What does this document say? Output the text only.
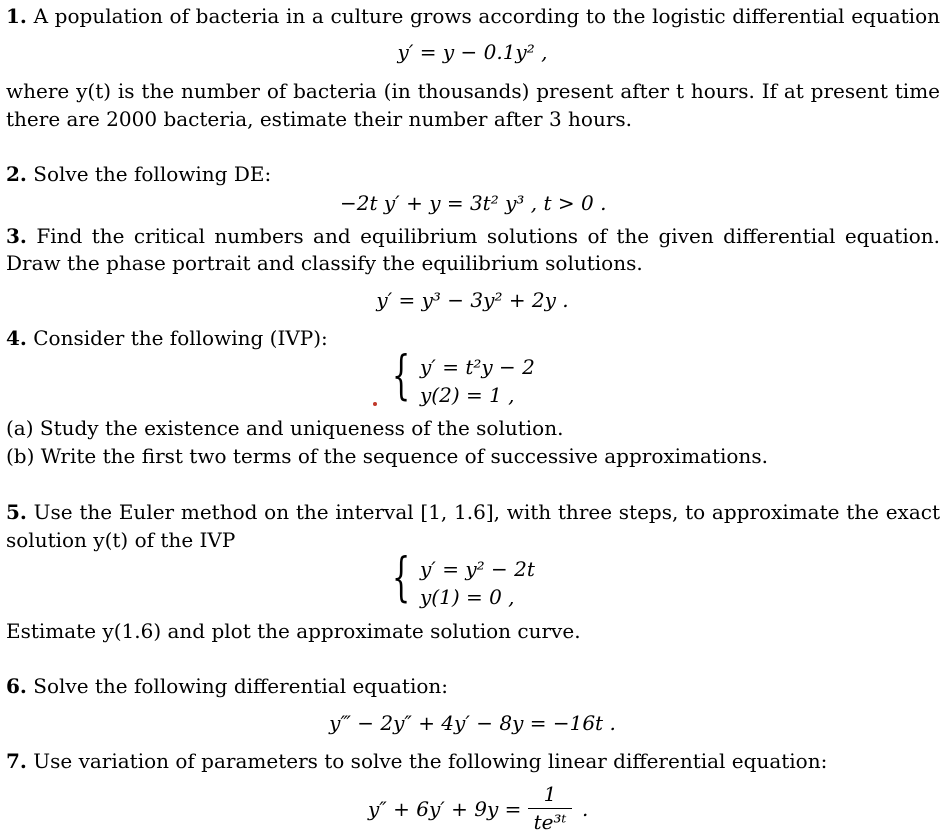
1. A population of bacteria in a culture grows according to the logistic differential equation
y′ = y − 0.1y² ,
where y(t) is the number of bacteria (in thousands) present after t hours. If at present time
there are 2000 bacteria, estimate their number after 3 hours.
2. Solve the following DE:
−2t y′ + y = 3t² y³ , t > 0 .
3. Find the critical numbers and equilibrium solutions of the given differential equation.
Draw the phase portrait and classify the equilibrium solutions.
y′ = y³ − 3y² + 2y .
4. Consider the following (IVP):
{ y′ = t²y − 2
y(2) = 1 ,
(a) Study the existence and uniqueness of the solution.
(b) Write the first two terms of the sequence of successive approximations.
5. Use the Euler method on the interval [1, 1.6], with three steps, to approximate the exact
solution y(t) of the IVP
{ y′ = y² − 2t
y(1) = 0 ,
Estimate y(1.6) and plot the approximate solution curve.
6. Solve the following differential equation:
y‴ − 2y″ + 4y′ − 8y = −16t .
7. Use variation of parameters to solve the following linear differential equation:
y″ + 6y′ + 9y =
1
te³ᵗ
.
